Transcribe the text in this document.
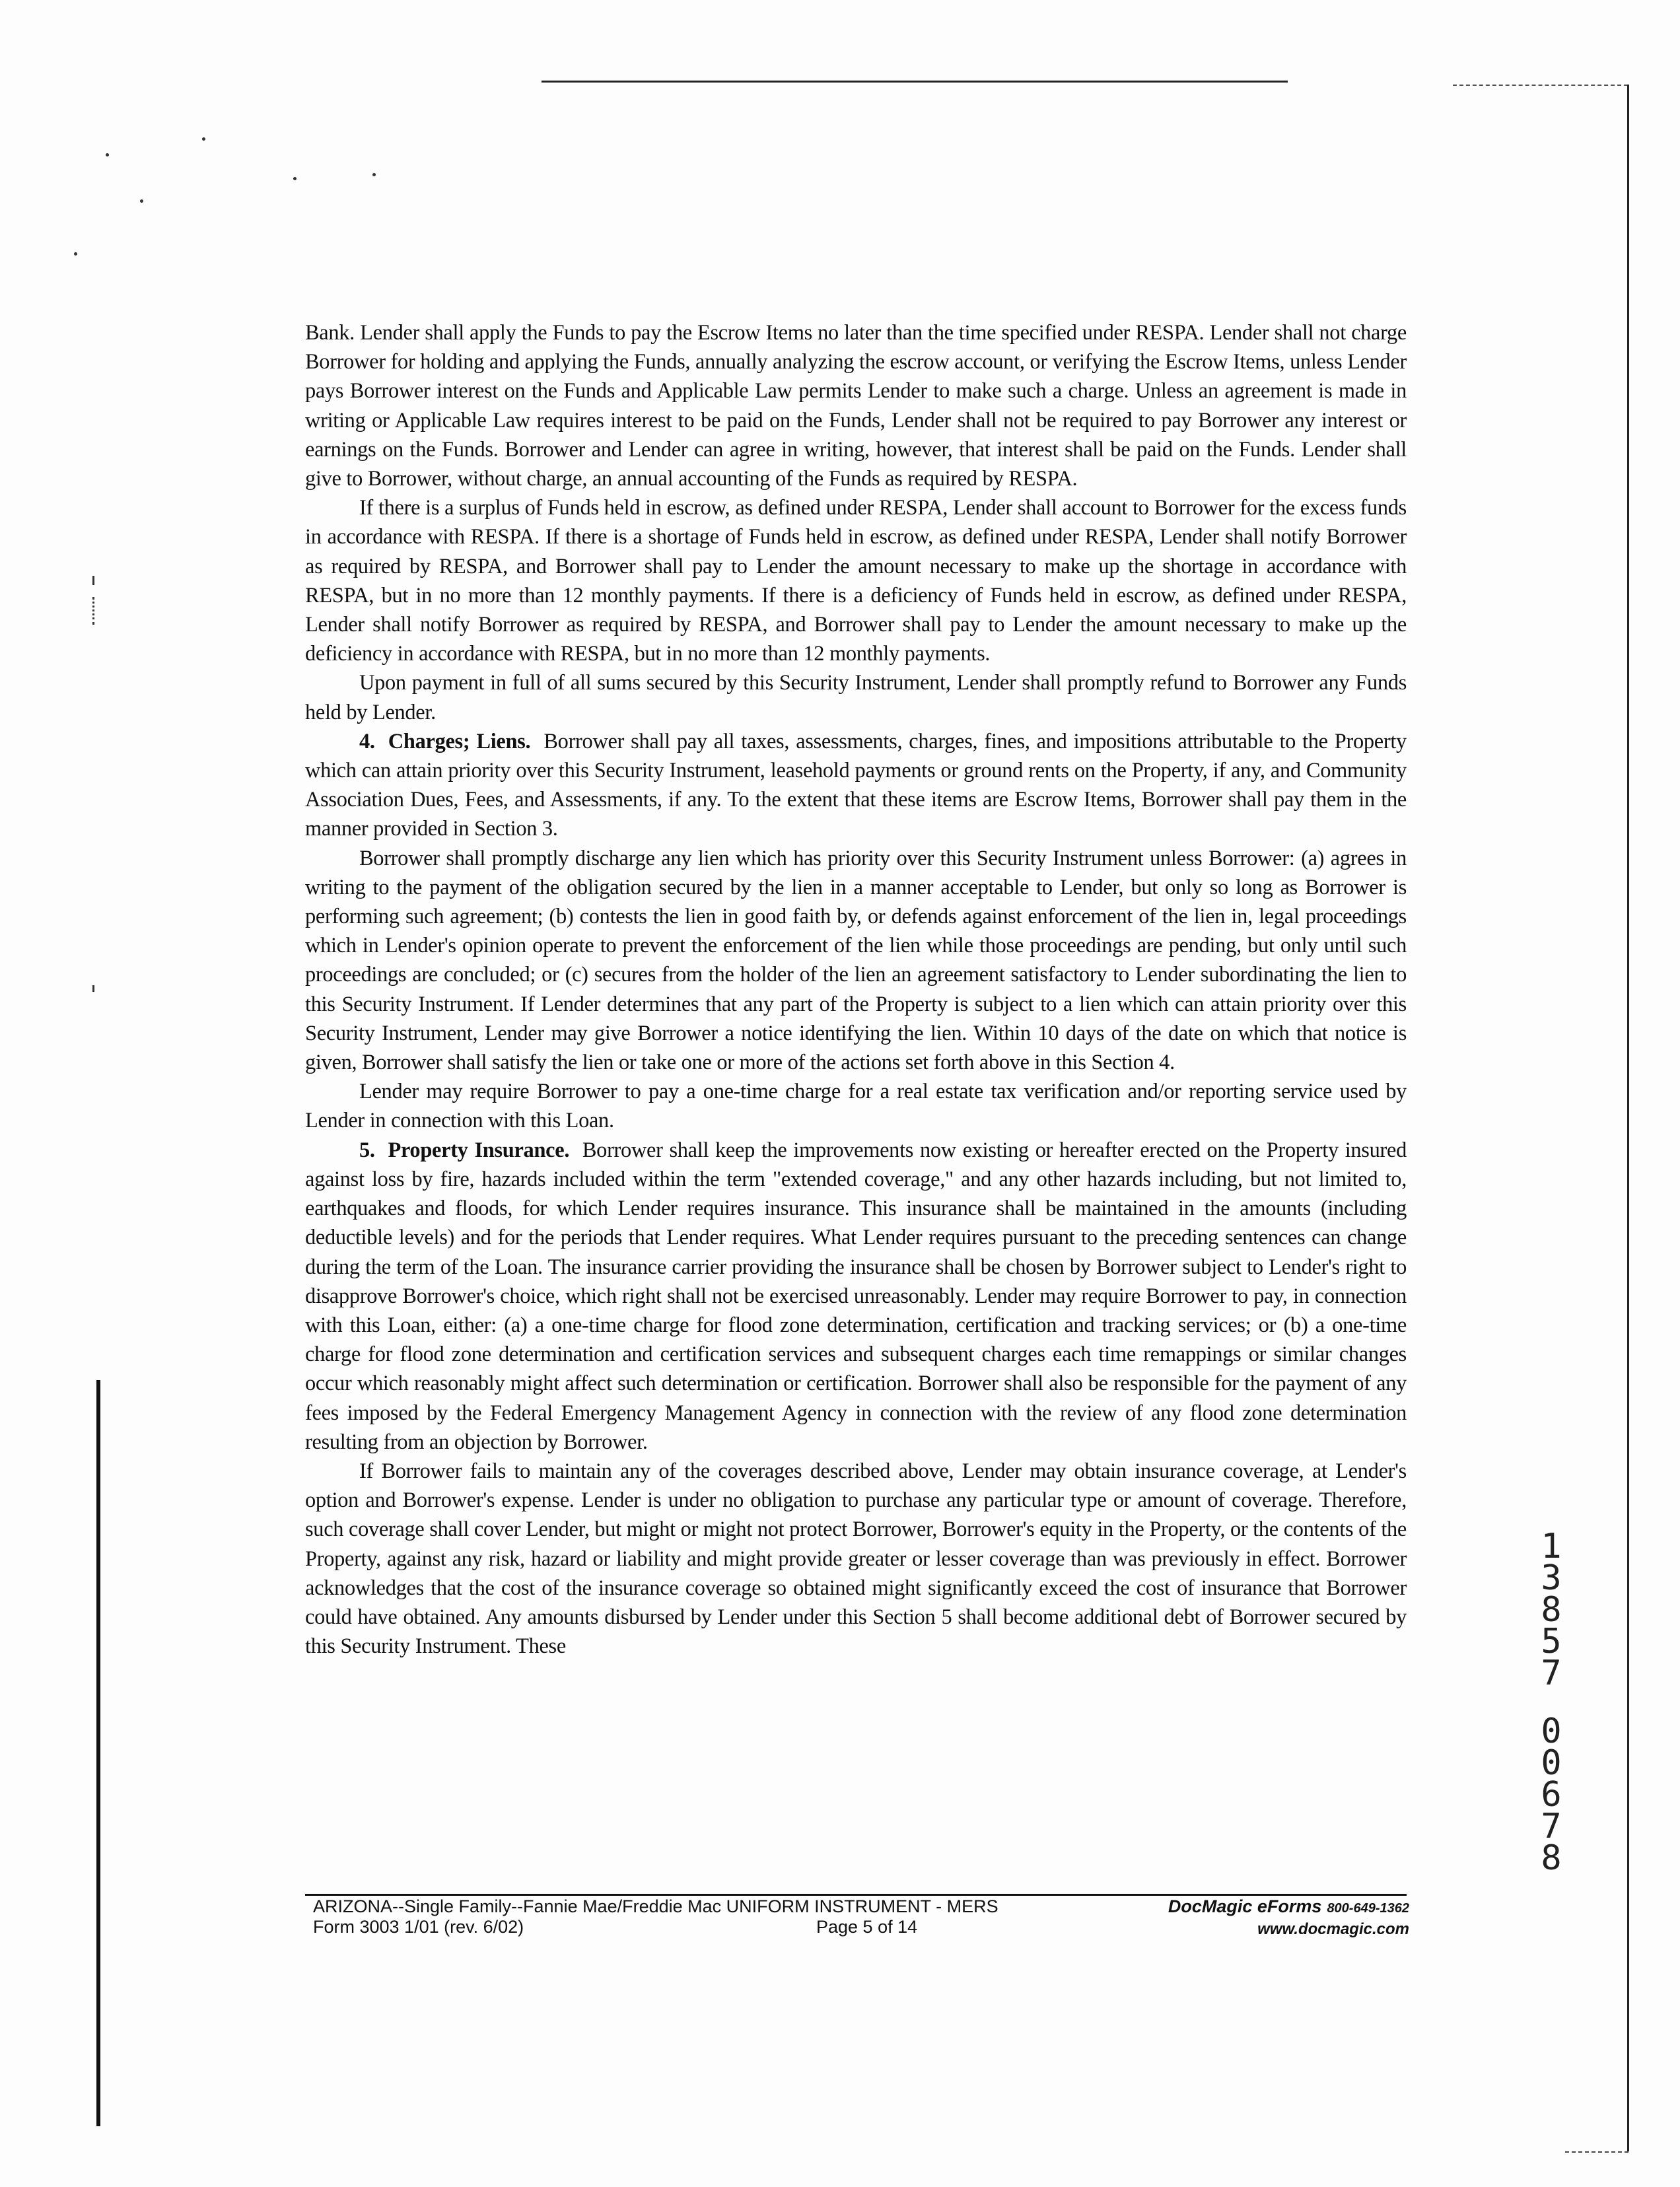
Bank. Lender shall apply the Funds to pay the Escrow Items no later than the time specified under RESPA. Lender shall not charge Borrower for holding and applying the Funds, annually analyzing the escrow account, or verifying the Escrow Items, unless Lender pays Borrower interest on the Funds and Applicable Law permits Lender to make such a charge. Unless an agreement is made in writing or Applicable Law requires interest to be paid on the Funds, Lender shall not be required to pay Borrower any interest or earnings on the Funds. Borrower and Lender can agree in writing, however, that interest shall be paid on the Funds. Lender shall give to Borrower, without charge, an annual accounting of the Funds as required by RESPA.

If there is a surplus of Funds held in escrow, as defined under RESPA, Lender shall account to Borrower for the excess funds in accordance with RESPA. If there is a shortage of Funds held in escrow, as defined under RESPA, Lender shall notify Borrower as required by RESPA, and Borrower shall pay to Lender the amount necessary to make up the shortage in accordance with RESPA, but in no more than 12 monthly payments. If there is a deficiency of Funds held in escrow, as defined under RESPA, Lender shall notify Borrower as required by RESPA, and Borrower shall pay to Lender the amount necessary to make up the deficiency in accordance with RESPA, but in no more than 12 monthly payments.

Upon payment in full of all sums secured by this Security Instrument, Lender shall promptly refund to Borrower any Funds held by Lender.

4. Charges; Liens. Borrower shall pay all taxes, assessments, charges, fines, and impositions attributable to the Property which can attain priority over this Security Instrument, leasehold payments or ground rents on the Property, if any, and Community Association Dues, Fees, and Assessments, if any. To the extent that these items are Escrow Items, Borrower shall pay them in the manner provided in Section 3.

Borrower shall promptly discharge any lien which has priority over this Security Instrument unless Borrower: (a) agrees in writing to the payment of the obligation secured by the lien in a manner acceptable to Lender, but only so long as Borrower is performing such agreement; (b) contests the lien in good faith by, or defends against enforcement of the lien in, legal proceedings which in Lender's opinion operate to prevent the enforcement of the lien while those proceedings are pending, but only until such proceedings are concluded; or (c) secures from the holder of the lien an agreement satisfactory to Lender subordinating the lien to this Security Instrument. If Lender determines that any part of the Property is subject to a lien which can attain priority over this Security Instrument, Lender may give Borrower a notice identifying the lien. Within 10 days of the date on which that notice is given, Borrower shall satisfy the lien or take one or more of the actions set forth above in this Section 4.

Lender may require Borrower to pay a one-time charge for a real estate tax verification and/or reporting service used by Lender in connection with this Loan.

5. Property Insurance. Borrower shall keep the improvements now existing or hereafter erected on the Property insured against loss by fire, hazards included within the term "extended coverage," and any other hazards including, but not limited to, earthquakes and floods, for which Lender requires insurance. This insurance shall be maintained in the amounts (including deductible levels) and for the periods that Lender requires. What Lender requires pursuant to the preceding sentences can change during the term of the Loan. The insurance carrier providing the insurance shall be chosen by Borrower subject to Lender's right to disapprove Borrower's choice, which right shall not be exercised unreasonably. Lender may require Borrower to pay, in connection with this Loan, either: (a) a one-time charge for flood zone determination, certification and tracking services; or (b) a one-time charge for flood zone determination and certification services and subsequent charges each time remappings or similar changes occur which reasonably might affect such determination or certification. Borrower shall also be responsible for the payment of any fees imposed by the Federal Emergency Management Agency in connection with the review of any flood zone determination resulting from an objection by Borrower.

If Borrower fails to maintain any of the coverages described above, Lender may obtain insurance coverage, at Lender's option and Borrower's expense. Lender is under no obligation to purchase any particular type or amount of coverage. Therefore, such coverage shall cover Lender, but might or might not protect Borrower, Borrower's equity in the Property, or the contents of the Property, against any risk, hazard or liability and might provide greater or lesser coverage than was previously in effect. Borrower acknowledges that the cost of the insurance coverage so obtained might significantly exceed the cost of insurance that Borrower could have obtained. Any amounts disbursed by Lender under this Section 5 shall become additional debt of Borrower secured by this Security Instrument. These

1
3
8
5
7
0
0
6
7
8
ARIZONA--Single Family--Fannie Mae/Freddie Mac UNIFORM INSTRUMENT - MERS
Form 3003 1/01 (rev. 6/02)	Page 5 of 14
DocMagic eForms 800-649-1362
www.docmagic.com
